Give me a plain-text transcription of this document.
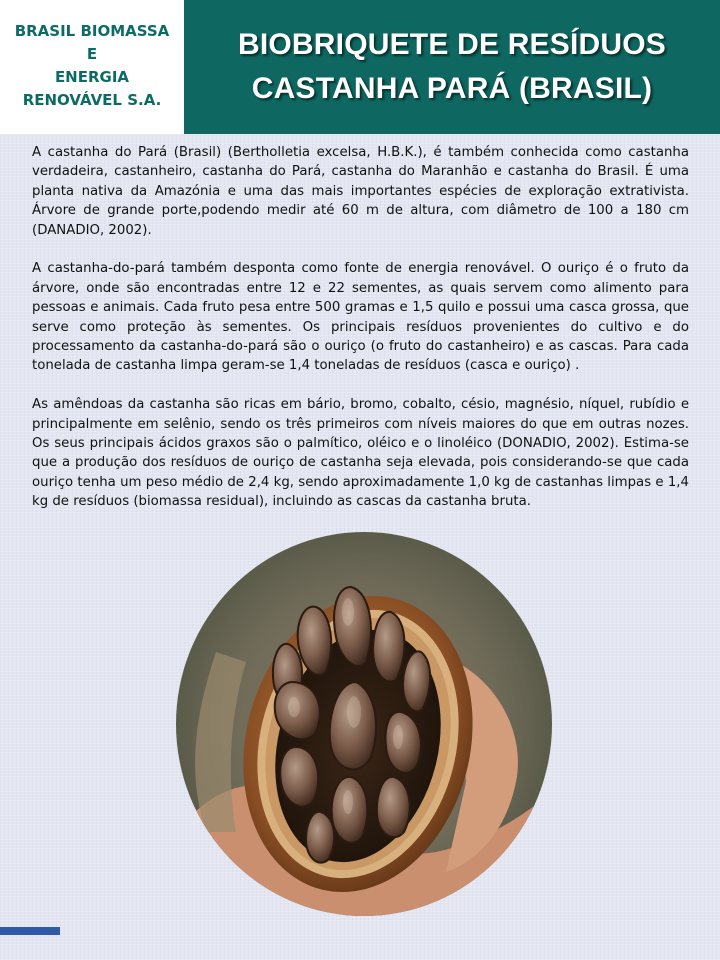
BRASIL BIOMASSA E
ENERGIA
RENOVÁVEL S.A.
BIOBRIQUETE DE RESÍDUOS
CASTANHA PARÁ (BRASIL)

A castanha do Pará (Brasil) (Bertholletia excelsa, H.B.K.), é também conhecida como castanha verdadeira, castanheiro, castanha do Pará, castanha do Maranhão e castanha do Brasil. É uma planta nativa da Amazónia e uma das mais importantes espécies de exploração extrativista. Árvore de grande porte,podendo medir até 60 m de altura, com diâmetro de 100 a 180 cm (DANADIO, 2002).

A castanha-do-pará também desponta como fonte de energia renovável. O ouriço é o fruto da árvore, onde são encontradas entre 12 e 22 sementes, as quais servem como alimento para pessoas e animais. Cada fruto pesa entre 500 gramas e 1,5 quilo e possui uma casca grossa, que serve como proteção às sementes. Os principais resíduos provenientes do cultivo e do processamento da castanha-do-pará são o ouriço (o fruto do castanheiro) e as cascas. Para cada tonelada de castanha limpa geram-se 1,4 toneladas de resíduos (casca e ouriço) .

As amêndoas da castanha são ricas em bário, bromo, cobalto, césio, magnésio, níquel, rubídio e principalmente em selênio, sendo os três primeiros com níveis maiores do que em outras nozes. Os seus principais ácidos graxos são o palmítico, oléico e o linoléico (DONADIO, 2002). Estima-se que a produção dos resíduos de ouriço de castanha seja elevada, pois considerando-se que cada ouriço tenha um peso médio de 2,4 kg, sendo aproximadamente 1,0 kg de castanhas limpas e 1,4 kg de resíduos (biomassa residual), incluindo as cascas da castanha bruta.
